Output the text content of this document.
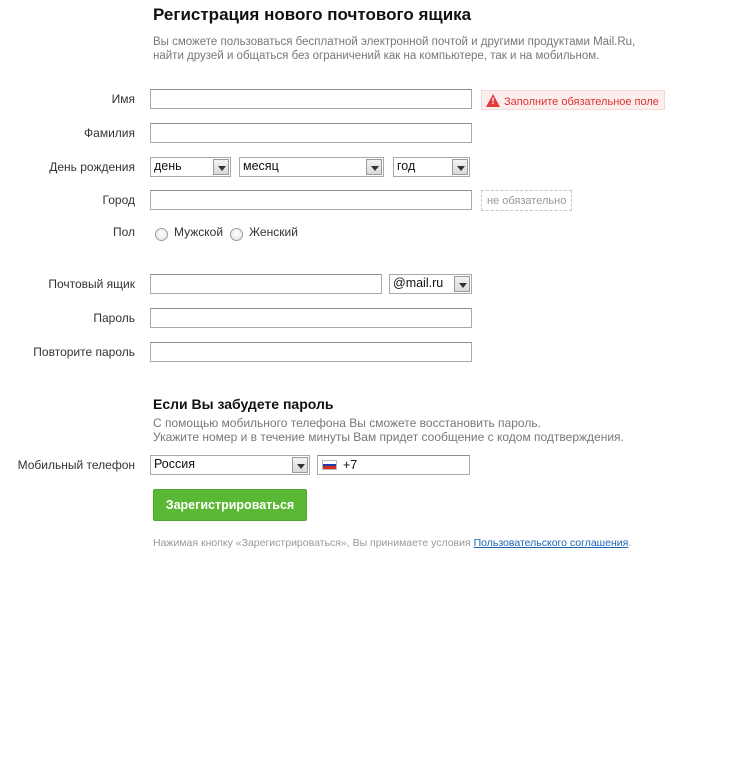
Регистрация нового почтового ящика
Вы сможете пользоваться бесплатной электронной почтой и другими продуктами Mail.Ru,
найти друзей и общаться без ограничений как на компьютере, так и на мобильном.
Имя	! Заполните обязательное поле
Фамилия
День рождения	день	месяц	год
Город	не обязательно
Пол	Мужской Женский
Почтовый ящик	@mail.ru
Пароль
Повторите пароль
Если Вы забудете пароль
С помощью мобильного телефона Вы сможете восстановить пароль.
Укажите номер и в течение минуты Вам придет сообщение с кодом подтверждения.
Мобильный телефон	Россия	+7
Зарегистрироваться
Нажимая кнопку «Зарегистрироваться», Вы принимаете условия Пользовательского соглашения.
